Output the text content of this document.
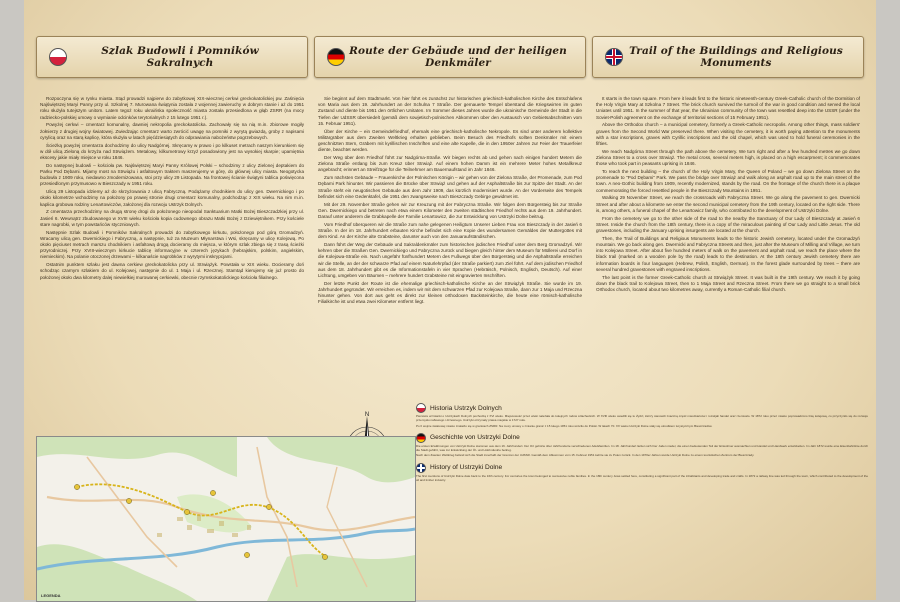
Szlak Budowli i Pomników Sakralnych

Rozpoczyna się w rynku miasta. Stąd prowadzi najpierw do zabytkowej XIX-wiecznej cerkwi greckokatolickiej pw. Zaśnięcia Najświętszej Maryi Panny przy ul. Szkolnej 7. Murowana świątynia została z wojennej zawieruchy w dobrym stanie i aż do 1951 roku służyła tutejszym unitom. Latem tegoż roku ukraińska społeczność miasta została przesiedlona w głąb ZSRR (na mocy radziecko-polskiej umowy o wymianie odcinków terytorialnych z 15 lutego 1951 r.).

Powyżej cerkwi – cmentarz komunalny, dawniej nekropolia greckokatolicka. Zachowały się na nią m.in. zbiorowe mogiły żołnierzy z drugiej wojny światowej. Zwiedzając cmentarz warto zwrócić uwagę na pomniki z wyrytą gwiazdą, groby z napisami cyrylicą oraz na starą kaplicę, która służyła w latach pięćdziesiątych do odprawiania nabożeństw pogrzebowych.

Ścieżką powyżej cmentarza dochodzimy do ulicy Nadgórnej. Skręcamy w prawo i po kilkuset metrach naszym kierunkiem się w dół ulicą Zieloną do krzyża nad Strwiążem. Metalowy, kilkumetrowy krzyż posadowiony jest na wysokiej skarpie; upamiętnia ekscesy jakie miały miejsce w roku 1846.

Do następnej budowli – kościoła pw. Najświętszej Maryi Panny Królowej Polski – schodzimy z ulicy Zielonej deptakiem do Parku Pod Dębami. Mijamy most na Strwiążu i asfaltowym traktem maszerujemy w górę, do głównej ulicy miasta. Neogotycka budowla z 1909 roku, niedawno zmodernizowana, stoi przy ulicy 29 Listopada. Na frontowej ścianie świątyni tablica poświęcona przesiedlonym przymusowo w Bieszczady w 1951 roku.

Ulicą 29 Listopada idziemy aż do skrzyżowania z ulicą Fabryczną. Podążamy chodnikiem do ulicy gen. Dwernickiego i po około kilometrze wchodzimy na położony po prawej stronie drugi cmentarz komunalny, podchodząc z XIX wieku. Na nim m.in. kaplica grobowa rodziny Lenartowiczów, założonej dla rozwoju Ustrzyk Dolnych.

Z cmentarza przechodzimy na drugą stronę drogi do położonego nieopodal Sanktuarium Matki Bożej Bieszczadzkiej przy ul. Jasień 6. Wewnątrz zbudowanego w XVIII wieku kościoła kopia cudownego obrazu Matki Bożej z Dziewiętnikem. Przy kościele stare nagrobki, w tym powstańców styczniowych.

Następnie Szlak Budowli i Pomników Sakralnych prowadzi do zabytkowego kirkutu, położonego pod górą Gromadzyń. Wracamy ulicą gen. Dwernickiego i Fabryczną, a następnie, tuż za Muzeum Młynarstwa i Wsi, skręcamy w ulicę Kolejową. Po około pięciuset metrach marszu chodnikiem i asfaltową drogą docieramy do miejsca, w którym szlak zbiega się z trasą ścieżki przyrodniczej. Przy XVIII-wiecznym kirkucie tablicę informacyjne w czterech językach (hebrajskim, polskim, angielskim, niemieckim). Na polanie otoczonej drzewami – kilkanaście nagrobków z wyrytymi inskrypcjami.

Ostatnim punktem szlaku jest dawna cerkiew greckokatolicka przy ul. Strwiążyk. Powstała w XIX wieku. Docieramy doń schodząc czarnym szlakiem do ul. Kolejowej, następnie do ul. 1 Maja i ul. Rzecznej. Stamtąd kierujemy się już prosto do położonej około dwa kilometry dalej niewielkiej murowanej cerkiewki, obecnie rzymskokatolickiego kościoła filialnego.

Route der Gebäude und der heiligen Denkmäler

Sie beginnt auf dem Stadtmarkt. Von hier führt es zunächst zur historischen griechisch-katholischen Kirche des Entschlafens von Maria aus dem 19. Jahrhundert an der Schulna 7 Straße. Der gemauerte Tempel überstand die Kriegswirren im guten Zustand und diente bis 1951 den örtlichen Unitaten. Im Sommer dieses Jahres wurde die ukrainische Gemeinde der Stadt in die Tiefen der UdSSR übersiedelt (gemäß dem sowjetisch-polnischen Abkommen über den Austausch von Gebietsabschnitten vom 15. Februar 1951).

Über der Kirche – ein Gemeindefriedhof, ehemals eine griechisch-katholische Nekropole. Es sind unter anderem kollektive Militärgräber aus dem Zweiten Weltkrieg erhalten geblieben. Beim Besuch des Friedhofs sollten Denkmäler mit einem geschnitzten Stern, Gräbern mit kyrillischen Inschriften und eine alte Kapelle, die in den 1950er Jahren zur Feier der Trauerfeier diente, beachtet werden.

Der Weg über dem Friedhof führt zur Nadgórna-Straße. Wir biegen rechts ab und gehen nach einigen hundert Metern die Zielona Straße entlang bis zum Kreuz über Strwiąż. Auf einem hohen Damm ist ein mehrere Meter hohes Metallkreuz angebracht; erinnert an Streifzüge für die Teilnehmer am Bauernaufstand im Jahr 1846.

Zum nächsten Gebäude – Frauenkirche der Polnischen Königin – wir gehen von der Zielona Straße, der Promenade, zum Pod Dębami Park hinunter. Wir passieren die Brücke über Strwiąż und gehen auf der Asphaltstraße bis zur Spitze der Stadt. An der Straße steht ein neugotisches Gebäude aus dem Jahr 1909, das kürzlich modernisiert wurde. An der Vorderseite des Tempels befindet sich eine Gedenktafel, die 1951 den zwangsweise nach Bieszczady Gebirge gewidmet ist.

Mit der 29. November Straße gehen wir zur Kreuzung mit der Fabryczna Straße. Wir folgen dem Bürgersteig bis zur Straße Gen. Dwernickiego und betreten nach etwa einem Kilometer den zweiten städtischen Friedhof rechts aus dem 19. Jahrhundert. Darauf unter anderem die Grabkapelle der Familie Lenartowicz, die zur Entwicklung von Ustrzyki Dolne beitrug.

Vom Friedhof überqueren wir die Straße zum nahe gelegenen Heiligtum Unserer Lieben Frau von Bieszczady in der Jasień 6 Straße. In der im 18. Jahrhundert erbauten Kirche befindet sich eine Kopie des wundersamen Gemäldes der Muttergottes mit dem Kind. An der Kirche alte Grabsteine, darunter auch von den Januaraufständischen.

Dann führt der Weg der Gebäude und Sakraldenkmäler zum historischen jüdischen Friedhof unter dem Berg Gromadzyń. Wir kehren über die Straßen Gen. Dwernickiego und Fabryczna zurück und biegen gleich hinter dem Museum für Müllerei und Dorf in die Kolejowa-Straße ein. Nach ungefähr fünfhundert Metern des Fußwegs über den Bürgersteig und die Asphaltstraße erreichen wir die Stelle, an der der schwarze Pfad auf einem Naturlehrpfad (der Straße parkiert) zum Ziel führt. Auf dem jüdischen Friedhof aus dem 18. Jahrhundert gibt es die Informationstafeln in vier Sprachen (Hebräisch, Polnisch, Englisch, Deutsch). Auf einer Lichtung, umgeben von Bäumen – mehrere hundert Grabsteine mit eingravierten Inschriften.

Der letzte Punkt der Route ist die ehemalige griechisch-katholische Kirche an der Strwiążyk Straße. Sie wurde im 19. Jahrhundert gegründet. Wir erreichen es, indem wir mit dem schwarzen Pfad zur Kolejowa Straße, dann zur 1 Maja und Rzeczna hinunter gehen. Von dort aus geht es direkt zur kleinen orthodoxen Backsteinkirche, die heute eine römisch-katholische Filialkirche ist und etwa zwei Kilometer entfernt liegt.

Trail of the Buildings and Religious Monuments

It starts in the town square. From here it leads first to the historic nineteenth-century Greek-Catholic church of the Dormition of the Holy Virgin Mary at Szkolna 7 Street. The brick church survived the turmoil of the war in good condition and served the local Uniates until 1951. In the summer of that year, the Ukrainian community of the town was resettled deep into the USSR (under the Soviet-Polish agreement on the exchange of territorial sections of 15 February 1951).

Above the Orthodox church – a municipal cemetery, formerly a Greek-Catholic necropolis. Among other things, mass soldiers' graves from the Second World War preserved there. When visiting the cemetery, it is worth paying attention to the monuments with a star inscriptions, graves with Cyrillic inscriptions and the old chapel, which was used to hold funeral ceremonies in the fifties.

We reach Nadgórna Street through the path above the cemetery. We turn right and after a few hundred metres we go down Zielona Street to a cross over Strwiąż. The metal cross, several meters high, is placed on a high escarpment; it commemorates those who took part in peasants uprising in 1846.

To reach the next building – the church of the Holy Virgin Mary, the Queen of Poland – we go down Zielona Street on the promenade to "Pod Dębami" Park. We pass the bridge over Strwiąż and walk along an asphalt road up to the main street of the town. A neo-Gothic building from 1909, recently modernized, stands by the road. On the frontage of the church there is a plaque commemorating the forced resettled people in the Bieszczady Mountains in 1951.

Walking 29 November Street, we reach the crossroads with Fabryczna Street. We go along the pavement to gen. Dwernicki Street and after about a kilometre we enter the second municipal cemetery from the 19th century, located on the right side. There is, among others, a funeral chapel of the Lenartowicz family, who contributed to the development of Ustrzyki Dolne.

From the cemetery we go to the other side of the road to the nearby the Sanctuary of Our Lady of Bieszczady at Jasień 6 Street. Inside the church from the 18th century, there is a copy of the miraculous painting of Our Lady and Little Jesus. The old gravestones, including the January uprising insurgents are located at the church.

Then, the Trail of Buildings and Religious Monuments leads to the historic Jewish cemetery, located under the Gromadzyń mountain. We go back along gen. Dwernicki and Fabryczna Streets and then, just after the Museum of Milling and Village, we turn into Kolejowa Street. After about five hundred meters of walk on the pavement and asphalt road, we reach the place where the black trail (marked on a wooden pole by the road) leads to the destination. At the 18th century Jewish cemetery there are information boards in four languages (Hebrew, Polish, English, German). In the forest glade surrounded by trees – there are several hundred gravestones with engraved inscriptions.

The last point is the former Greek-Catholic church at Strwiążyk Street. It was built in the 19th century. We reach it by going down the black trail to Kolejowa Street, then to 1 Maja Street and Rzeczna Street. From there we go straight to a small brick Orthodox church, located about two kilometres away, currently a Roman-Catholic filial church.

N
LEGENDA
Historia Ustrzyk Dolnych

Pierwsze wzmianki o Ustrzykach Dolnych pochodzą z XVI wieku. Miejscowość przez wieki należała do kolejnych rodów szlacheckich. W XVIII wieku osiedlili się tu Żydzi, którzy stanowili znaczną część mieszkańców i rozwijali handel oraz rzemiosło. W 1872 roku przez miasto poprowadzono linię kolejową, co przyczyniło się do rozwoju przemysłu naftowego i drzewnego. Ustrzyki otrzymały prawa miejskie w 1727 roku.

Po II wojnie światowej miasto znalazło się w granicach ZSRR. Na mocy umowy o zmianie granic z 15 lutego 1951 roku wróciło do Polski. W latach 70. XX wieku Ustrzyki Dolne stały się ośrodkiem turystycznym Bieszczadów.

Geschichte von Ustrzyki Dolne

Die ersten Erwähnungen von Ustrzyki Dolne stammen aus dem 16. Jahrhundert. Der Ort gehörte über Jahrhunderte verschiedenen Adelsfamilien. Im 18. Jahrhundert ließen sich hier Juden nieder, die einen bedeutenden Teil der Einwohner ausmachten und Handel und Handwerk entwickelten. Im Jahr 1872 wurde eine Eisenbahnlinie durch die Stadt geführt, was zur Entwicklung der Öl- und Holzindustrie beitrug.

Nach dem Zweiten Weltkrieg befand sich die Stadt innerhalb der Grenzen der UdSSR. Gemäß dem Abkommen vom 15. Februar 1951 kehrte sie zu Polen zurück. In den 1970er Jahren wurde Ustrzyki Dolne zu einem touristischen Zentrum der Bieszczady.

History of Ustrzyki Dolne

The first mentions of Ustrzyki Dolne date back to the 16th century. For centuries the town belonged to successive noble families. In the 18th century Jews settled here, constituting a significant part of the inhabitants and developing trade and crafts. In 1872 a railway line was led through the town, which contributed to the development of the oil and timber industry.
